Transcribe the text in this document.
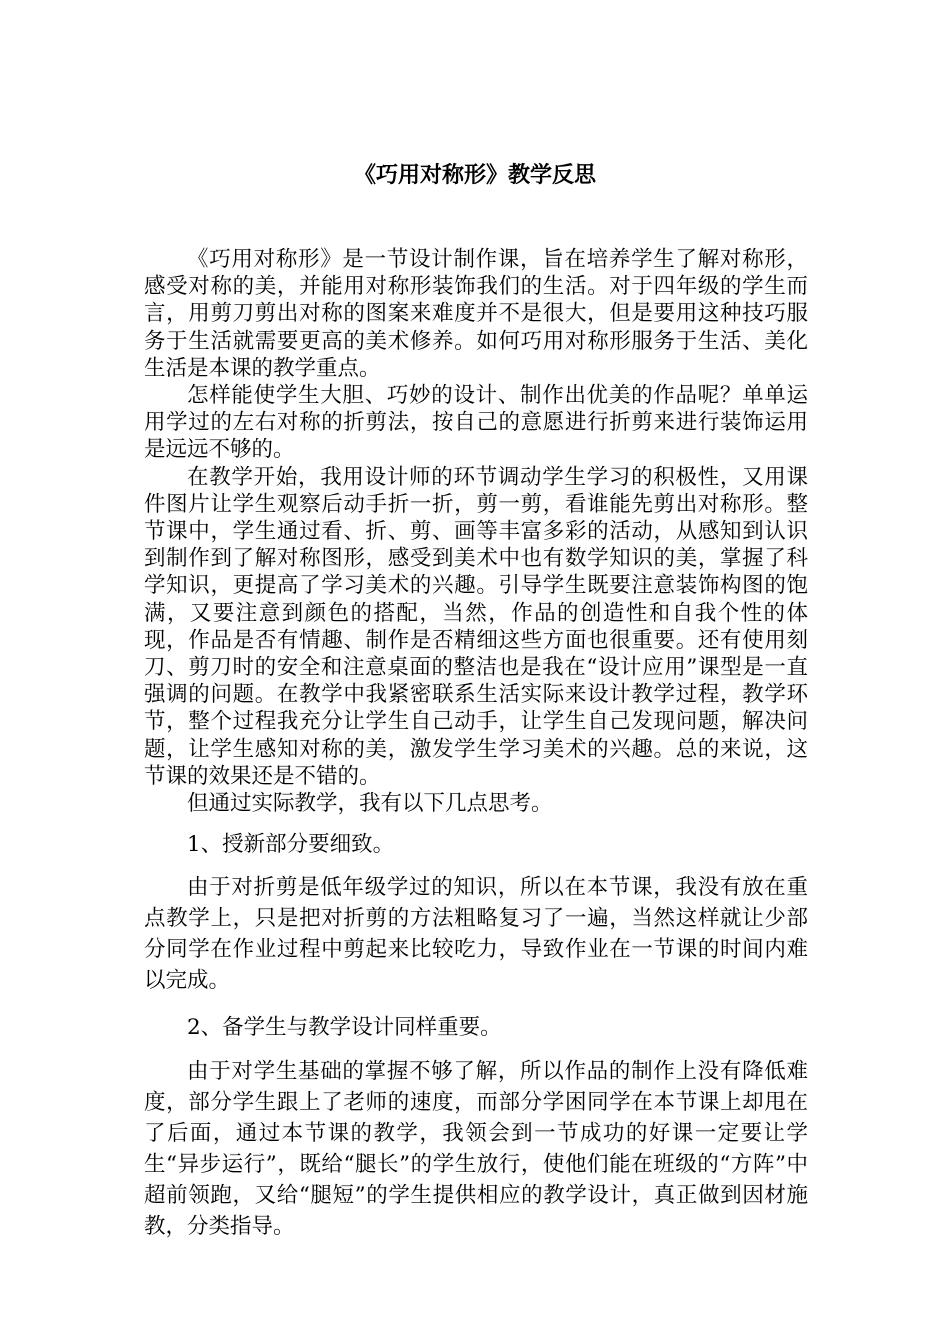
《巧用对称形》教学反思

《巧用对称形》是一节设计制作课，旨在培养学生了解对称形，感受对称的美，并能用对称形装饰我们的生活。对于四年级的学生而言，用剪刀剪出对称的图案来难度并不是很大，但是要用这种技巧服务于生活就需要更高的美术修养。如何巧用对称形服务于生活、美化生活是本课的教学重点。

怎样能使学生大胆、巧妙的设计、制作出优美的作品呢？单单运用学过的左右对称的折剪法，按自己的意愿进行折剪来进行装饰运用是远远不够的。

在教学开始，我用设计师的环节调动学生学习的积极性，又用课件图片让学生观察后动手折一折，剪一剪，看谁能先剪出对称形。整节课中，学生通过看、折、剪、画等丰富多彩的活动，从感知到认识到制作到了解对称图形，感受到美术中也有数学知识的美，掌握了科学知识，更提高了学习美术的兴趣。引导学生既要注意装饰构图的饱满，又要注意到颜色的搭配，当然，作品的创造性和自我个性的体现，作品是否有情趣、制作是否精细这些方面也很重要。还有使用刻刀、剪刀时的安全和注意桌面的整洁也是我在“设计应用”课型是一直强调的问题。在教学中我紧密联系生活实际来设计教学过程，教学环节，整个过程我充分让学生自己动手，让学生自己发现问题，解决问题，让学生感知对称的美，激发学生学习美术的兴趣。总的来说，这节课的效果还是不错的。

但通过实际教学，我有以下几点思考。

1、授新部分要细致。

由于对折剪是低年级学过的知识，所以在本节课，我没有放在重点教学上，只是把对折剪的方法粗略复习了一遍，当然这样就让少部分同学在作业过程中剪起来比较吃力，导致作业在一节课的时间内难以完成。

2、备学生与教学设计同样重要。

由于对学生基础的掌握不够了解，所以作品的制作上没有降低难度，部分学生跟上了老师的速度，而部分学困同学在本节课上却甩在了后面，通过本节课的教学，我领会到一节成功的好课一定要让学生“异步运行”，既给“腿长”的学生放行，使他们能在班级的“方阵”中超前领跑，又给“腿短”的学生提供相应的教学设计，真正做到因材施教，分类指导。
